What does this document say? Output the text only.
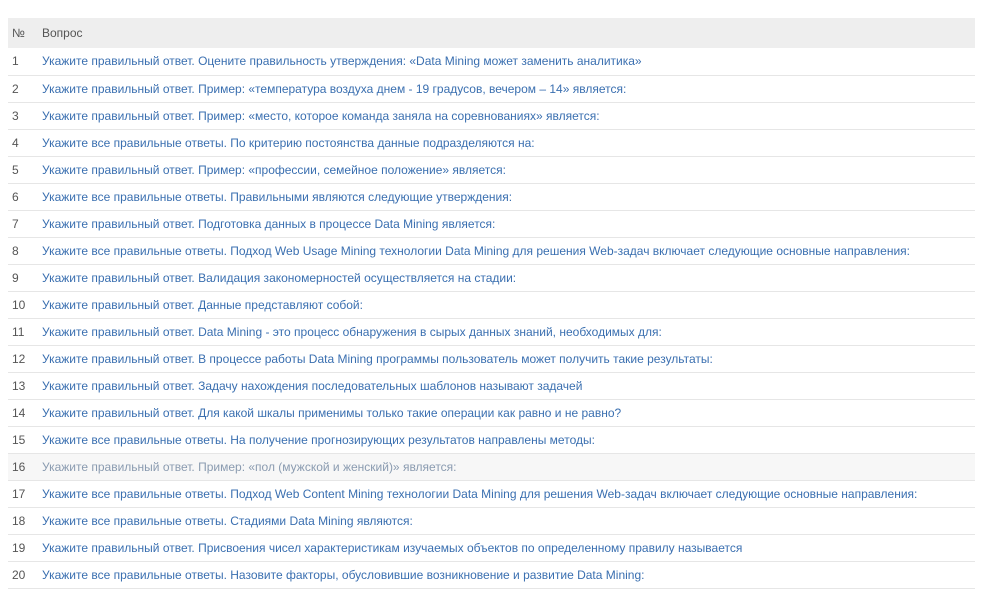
№	Вопрос
1	Укажите правильный ответ. Оцените правильность утверждения: «Data Mining может заменить аналитика»
2	Укажите правильный ответ. Пример: «температура воздуха днем - 19 градусов, вечером – 14» является:
3	Укажите правильный ответ. Пример: «место, которое команда заняла на соревнованиях» является:
4	Укажите все правильные ответы. По критерию постоянства данные подразделяются на:
5	Укажите правильный ответ. Пример: «профессии, семейное положение» является:
6	Укажите все правильные ответы. Правильными являются следующие утверждения:
7	Укажите правильный ответ. Подготовка данных в процессе Data Mining является:
8	Укажите все правильные ответы. Подход Web Usage Mining технологии Data Mining для решения Web-задач включает следующие основные направления:
9	Укажите правильный ответ. Валидация закономерностей осуществляется на стадии:
10	Укажите правильный ответ. Данные представляют собой:
11	Укажите правильный ответ. Data Mining - это процесс обнаружения в сырых данных знаний, необходимых для:
12	Укажите правильный ответ. В процессе работы Data Mining программы пользователь может получить такие результаты:
13	Укажите правильный ответ. Задачу нахождения последовательных шаблонов называют задачей
14	Укажите правильный ответ. Для какой шкалы применимы только такие операции как равно и не равно?
15	Укажите все правильные ответы. На получение прогнозирующих результатов направлены методы:
16	Укажите правильный ответ. Пример: «пол (мужской и женский)» является:
17	Укажите все правильные ответы. Подход Web Content Mining технологии Data Mining для решения Web-задач включает следующие основные направления:
18	Укажите все правильные ответы. Стадиями Data Mining являются:
19	Укажите правильный ответ. Присвоения чисел характеристикам изучаемых объектов по определенному правилу называется
20	Укажите все правильные ответы. Назовите факторы, обусловившие возникновение и развитие Data Mining:
